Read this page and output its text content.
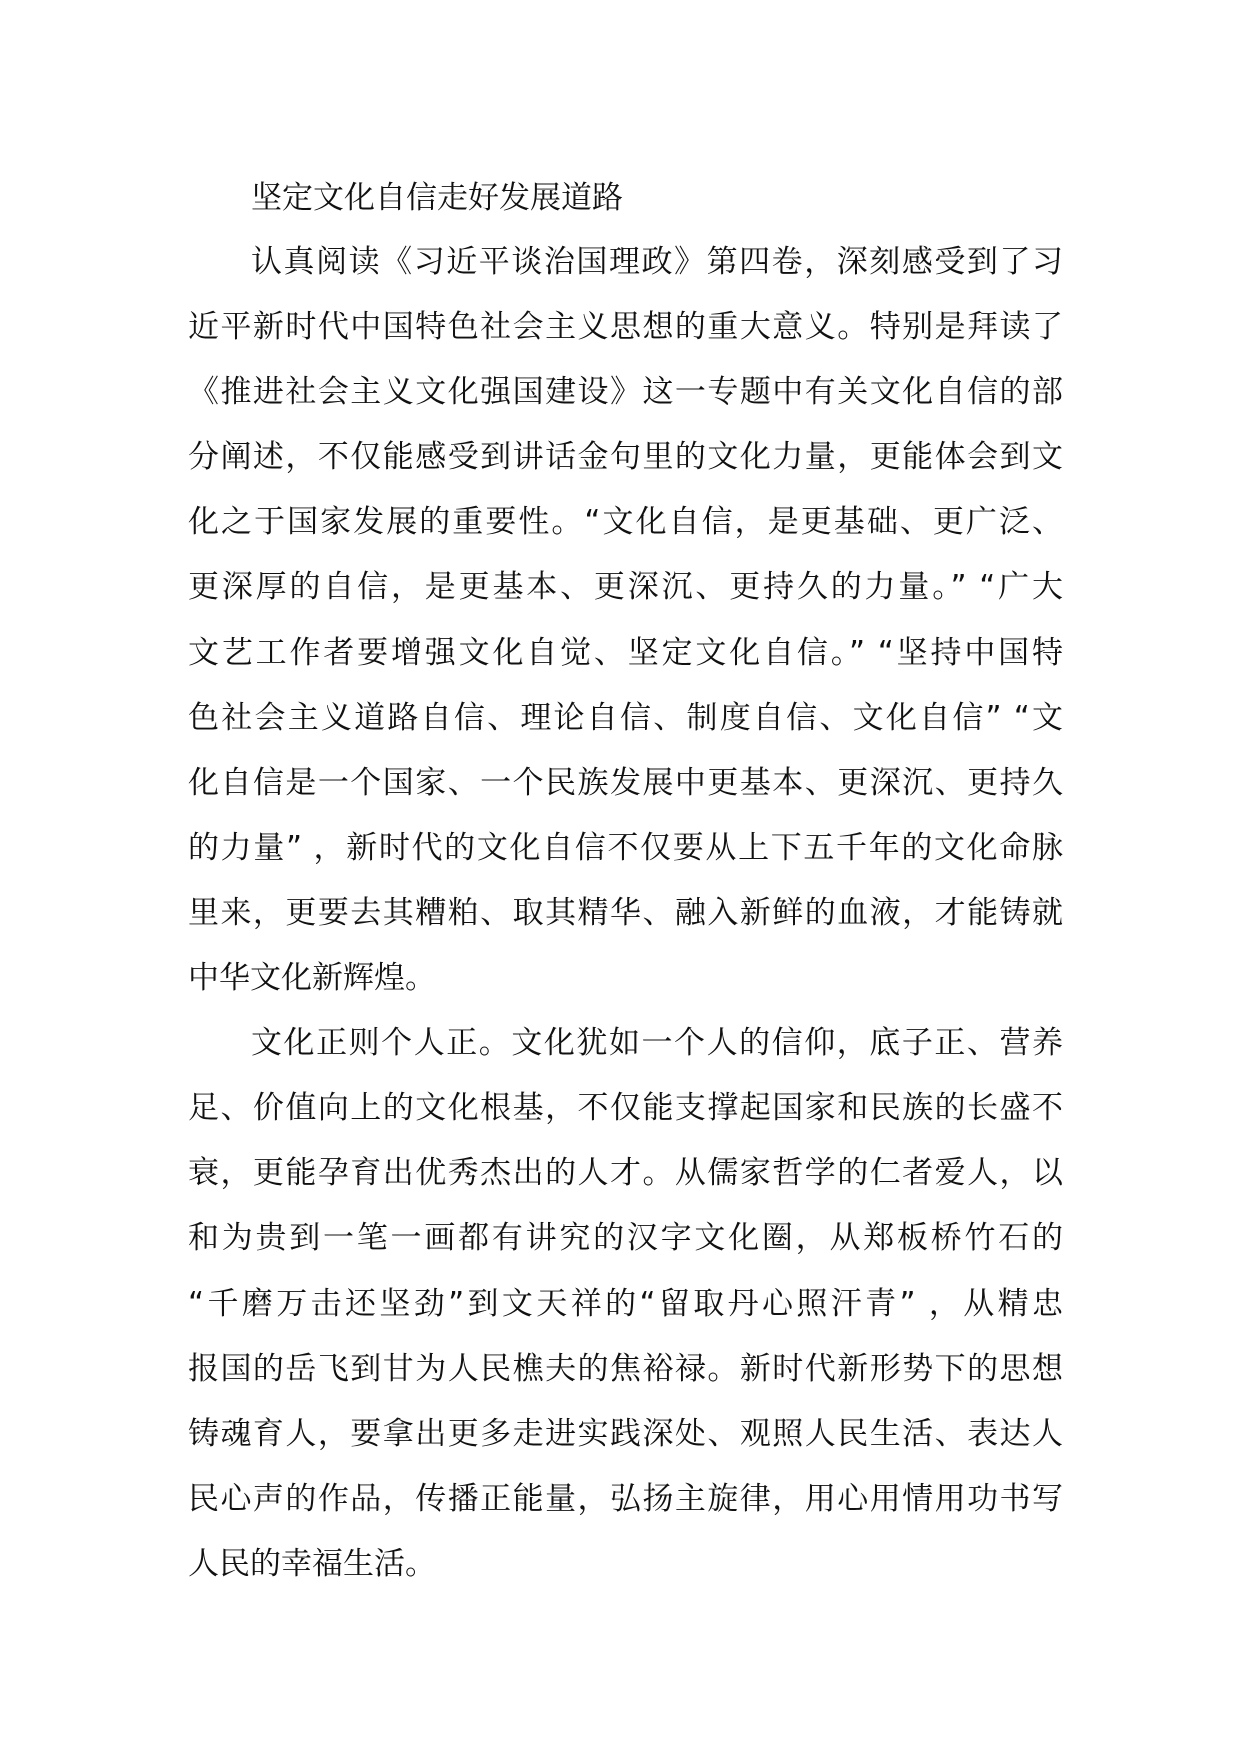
坚定文化自信走好发展道路

认真阅读《习近平谈治国理政》第四卷，深刻感受到了习
近平新时代中国特色社会主义思想的重大意义。特别是拜读了
《推进社会主义文化强国建设》这一专题中有关文化自信的部
分阐述，不仅能感受到讲话金句里的文化力量，更能体会到文
化之于国家发展的重要性。“文化自信，是更基础、更广泛、
更深厚的自信，是更基本、更深沉、更持久的力量。” “广大
文艺工作者要增强文化自觉、坚定文化自信。” “坚持中国特
色社会主义道路自信、理论自信、制度自信、文化自信” “文
化自信是一个国家、一个民族发展中更基本、更深沉、更持久
的力量” ，新时代的文化自信不仅要从上下五千年的文化命脉
里来，更要去其糟粕、取其精华、融入新鲜的血液，才能铸就
中华文化新辉煌。

文化正则个人正。文化犹如一个人的信仰，底子正、营养
足、价值向上的文化根基，不仅能支撑起国家和民族的长盛不
衰，更能孕育出优秀杰出的人才。从儒家哲学的仁者爱人，以
和为贵到一笔一画都有讲究的汉字文化圈，从郑板桥竹石的
“千磨万击还坚劲”到文天祥的“留取丹心照汗青” ，从精忠
报国的岳飞到甘为人民樵夫的焦裕禄。新时代新形势下的思想
铸魂育人，要拿出更多走进实践深处、观照人民生活、表达人
民心声的作品，传播正能量，弘扬主旋律，用心用情用功书写
人民的幸福生活。
